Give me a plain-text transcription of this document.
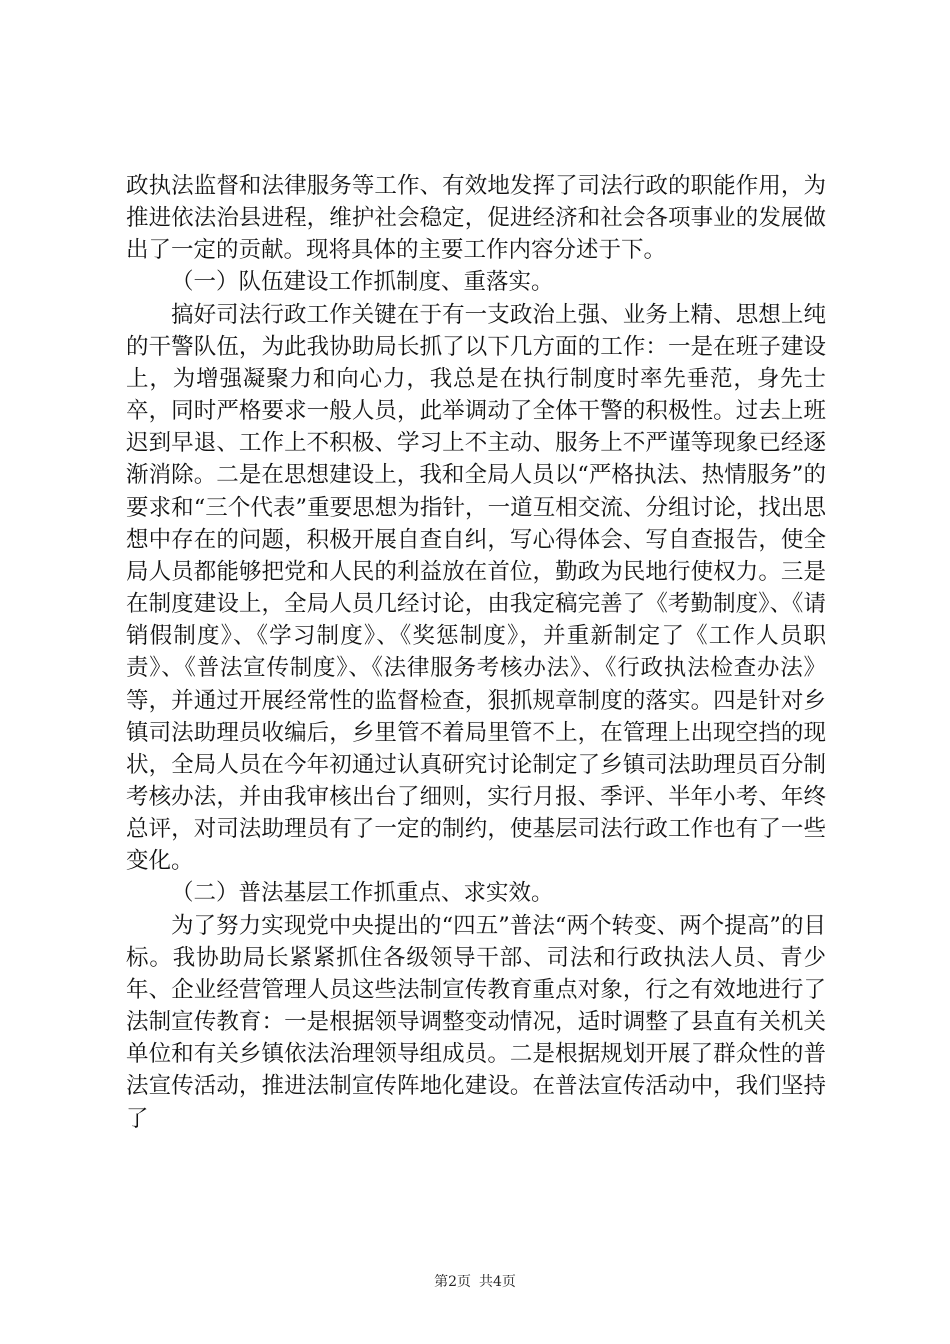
政执法监督和法律服务等工作、有效地发挥了司法行政的职能作用，为推进依法治县进程，维护社会稳定，促进经济和社会各项事业的发展做出了一定的贡献。现将具体的主要工作内容分述于下。

（一）队伍建设工作抓制度、重落实。

搞好司法行政工作关键在于有一支政治上强、业务上精、思想上纯的干警队伍，为此我协助局长抓了以下几方面的工作：一是在班子建设上，为增强凝聚力和向心力，我总是在执行制度时率先垂范，身先士卒，同时严格要求一般人员，此举调动了全体干警的积极性。过去上班迟到早退、工作上不积极、学习上不主动、服务上不严谨等现象已经逐渐消除。二是在思想建设上，我和全局人员以“严格执法、热情服务”的要求和“三个代表”重要思想为指针，一道互相交流、分组讨论，找出思想中存在的问题，积极开展自查自纠，写心得体会、写自查报告，使全局人员都能够把党和人民的利益放在首位，勤政为民地行使权力。三是在制度建设上，全局人员几经讨论，由我定稿完善了《考勤制度》、《请销假制度》、《学习制度》、《奖惩制度》，并重新制定了《工作人员职责》、《普法宣传制度》、《法律服务考核办法》、《行政执法检查办法》等，并通过开展经常性的监督检查，狠抓规章制度的落实。四是针对乡镇司法助理员收编后，乡里管不着局里管不上，在管理上出现空挡的现状，全局人员在今年初通过认真研究讨论制定了乡镇司法助理员百分制考核办法，并由我审核出台了细则，实行月报、季评、半年小考、年终总评，对司法助理员有了一定的制约，使基层司法行政工作也有了一些变化。

（二）普法基层工作抓重点、求实效。

为了努力实现党中央提出的“四五”普法“两个转变、两个提高”的目标。我协助局长紧紧抓住各级领导干部、司法和行政执法人员、青少年、企业经营管理人员这些法制宣传教育重点对象，行之有效地进行了法制宣传教育：一是根据领导调整变动情况，适时调整了县直有关机关单位和有关乡镇依法治理领导组成员。二是根据规划开展了群众性的普法宣传活动，推进法制宣传阵地化建设。在普法宣传活动中，我们坚持了

第2页 共4页
